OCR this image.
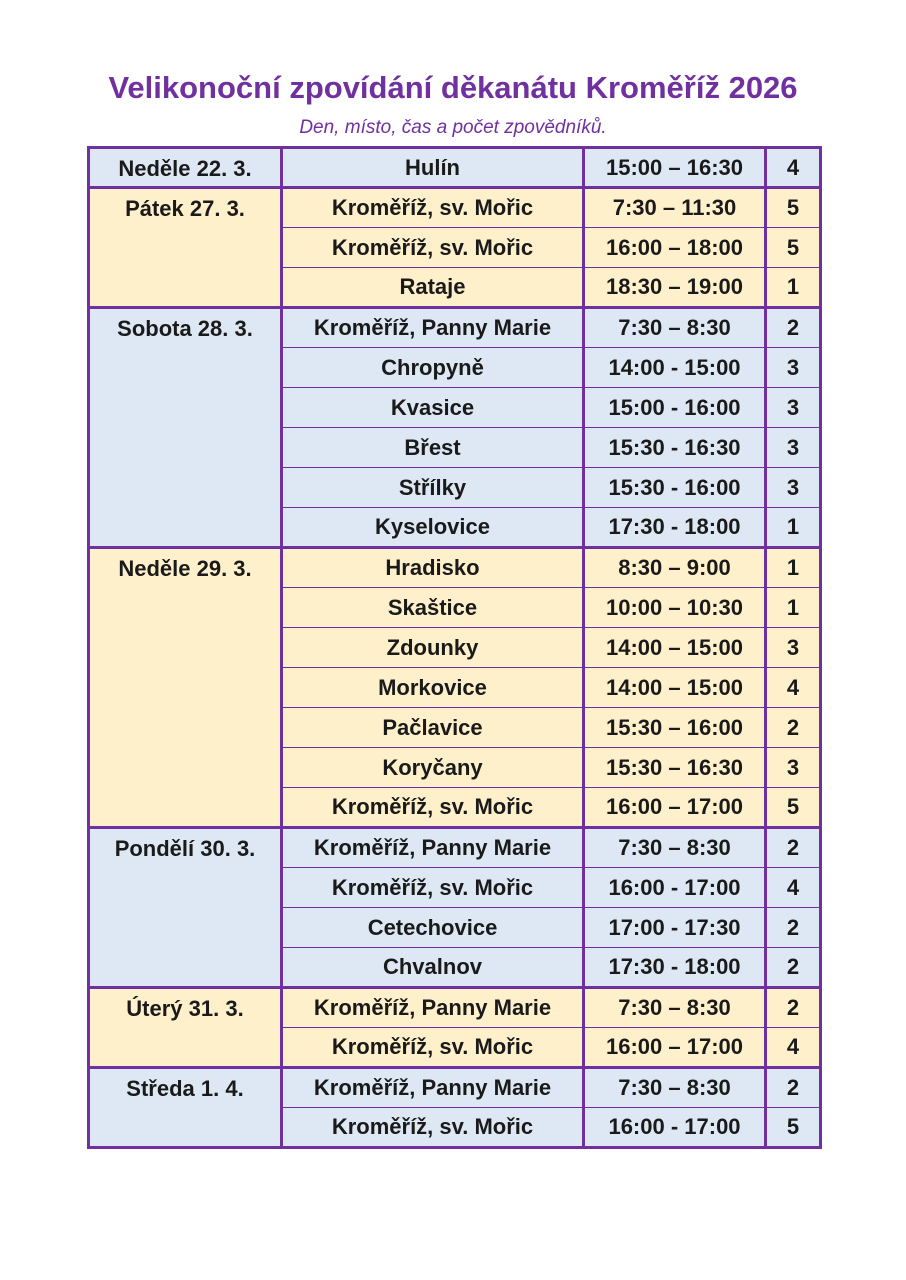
Velikonoční zpovídání děkanátu Kroměříž 2026
Den, místo, čas a počet zpovědníků.
Neděle 22. 3.	Hulín	15:00 – 16:30	4
Pátek 27. 3.	Kroměříž, sv. Mořic	7:30 – 11:30	5
	Kroměříž, sv. Mořic	16:00 – 18:00	5
	Rataje	18:30 – 19:00	1
Sobota 28. 3.	Kroměříž, Panny Marie	7:30 – 8:30	2
	Chropyně	14:00 - 15:00	3
	Kvasice	15:00 - 16:00	3
	Břest	15:30 - 16:30	3
	Střílky	15:30 - 16:00	3
	Kyselovice	17:30 - 18:00	1
Neděle 29. 3.	Hradisko	8:30 – 9:00	1
	Skaštice	10:00 – 10:30	1
	Zdounky	14:00 – 15:00	3
	Morkovice	14:00 – 15:00	4
	Pačlavice	15:30 – 16:00	2
	Koryčany	15:30 – 16:30	3
	Kroměříž, sv. Mořic	16:00 – 17:00	5
Pondělí 30. 3.	Kroměříž, Panny Marie	7:30 – 8:30	2
	Kroměříž, sv. Mořic	16:00 - 17:00	4
	Cetechovice	17:00 - 17:30	2
	Chvalnov	17:30 - 18:00	2
Úterý 31. 3.	Kroměříž, Panny Marie	7:30 – 8:30	2
	Kroměříž, sv. Mořic	16:00 – 17:00	4
Středa 1. 4.	Kroměříž, Panny Marie	7:30 – 8:30	2
	Kroměříž, sv. Mořic	16:00 - 17:00	5
